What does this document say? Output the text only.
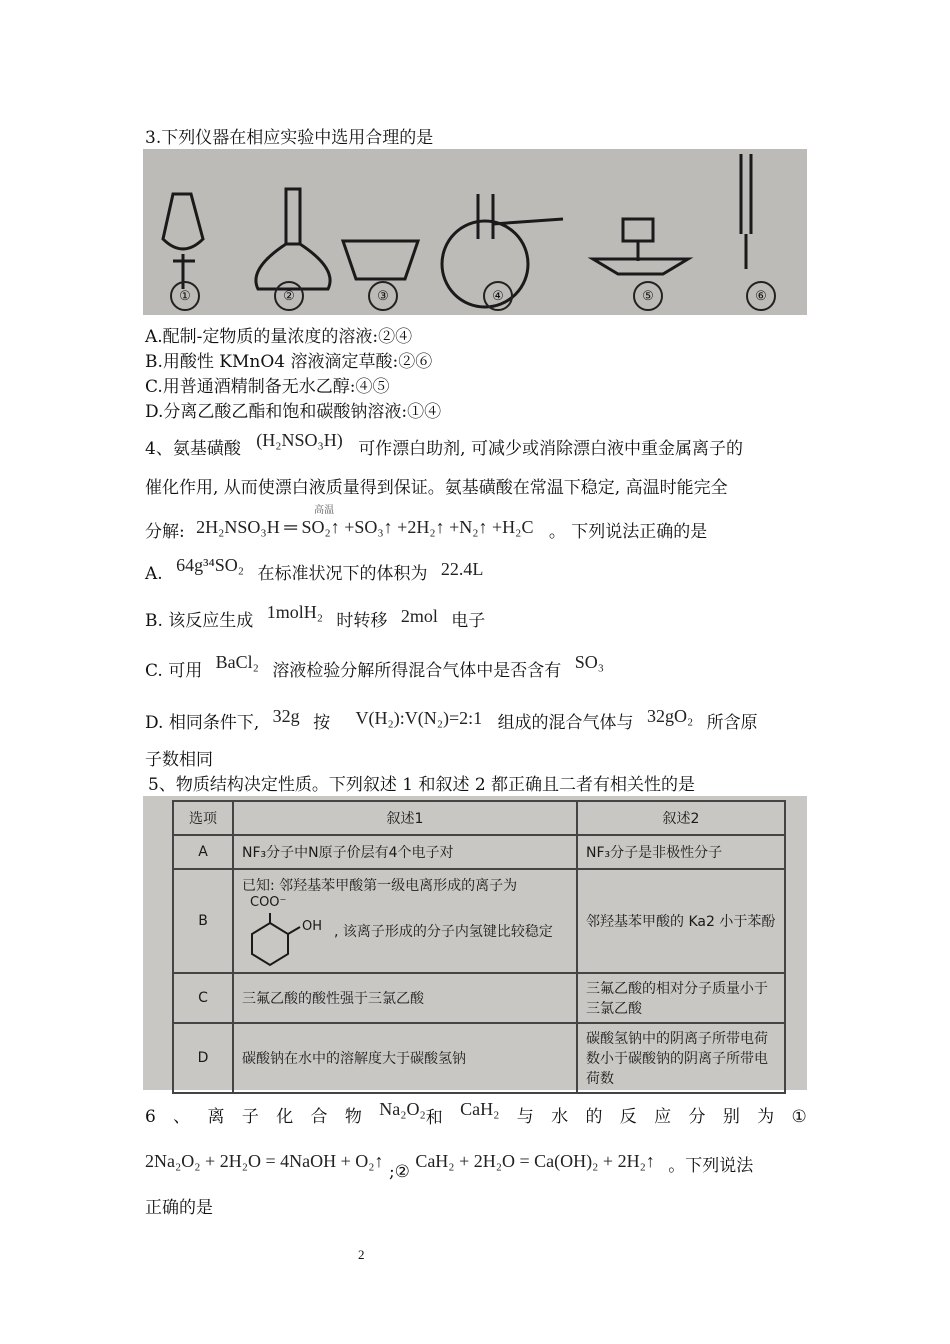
3.下列仪器在相应实验中选用合理的是
①	②	③	④	⑤	⑥
A.配制-定物质的量浓度的溶液:②④
B.用酸性 KMnO4 溶液滴定草酸:②⑥
C.用普通酒精制备无水乙醇:④⑤
D.分离乙酸乙酯和饱和碳酸钠溶液:①④
4、氨基磺酸 (H₂NSO₃H) 可作漂白助剂, 可减少或消除漂白液中重金属离子的
催化作用, 从而使漂白液质量得到保证。氨基磺酸在常温下稳定, 高温时能完全
分解:
高温
2H₂NSO₃H ═ SO₂↑ +SO₃↑ +2H₂↑ +N₂↑ +H₂C 。 下列说法正确的是
A. 64g³⁴SO₂ 在标准状况下的体积为 22.4L
B. 该反应生成 1molH₂ 时转移 2mol 电子
C. 可用 BaCl₂ 溶液检验分解所得混合气体中是否含有 SO₃
D. 相同条件下, 32g 按 V(H₂):V(N₂)=2:1 组成的混合气体与 32gO₂ 所含原
子数相同
5、物质结构决定性质。下列叙述 1 和叙述 2 都正确且二者有相关性的是
选项	叙述1	叙述2
A	NF₃分子中N原子价层有4个电子对	NF₃分子是非极性分子
B	已知: 邻羟基苯甲酸第一级电离形成的离子为
COO⁻
OH , 该离子形成的分子内氢键比较稳定	邻羟基苯甲酸的 Ka2 小于苯酚
C	三氟乙酸的酸性强于三氯乙酸	三氟乙酸的相对分子质量小于三氯乙酸
D	碳酸钠在水中的溶解度大于碳酸氢钠	碳酸氢钠中的阴离子所带电荷数小于碳酸钠的阴离子所带电荷数
6 、 离 子 化 合 物 Na₂O₂和 CaH₂ 与 水 的 反 应 分 别 为 ①
2Na₂O₂ + 2H₂O = 4NaOH + O₂↑ ;② CaH₂ + 2H₂O = Ca(OH)₂ + 2H₂↑ 。下列说法
正确的是
2
